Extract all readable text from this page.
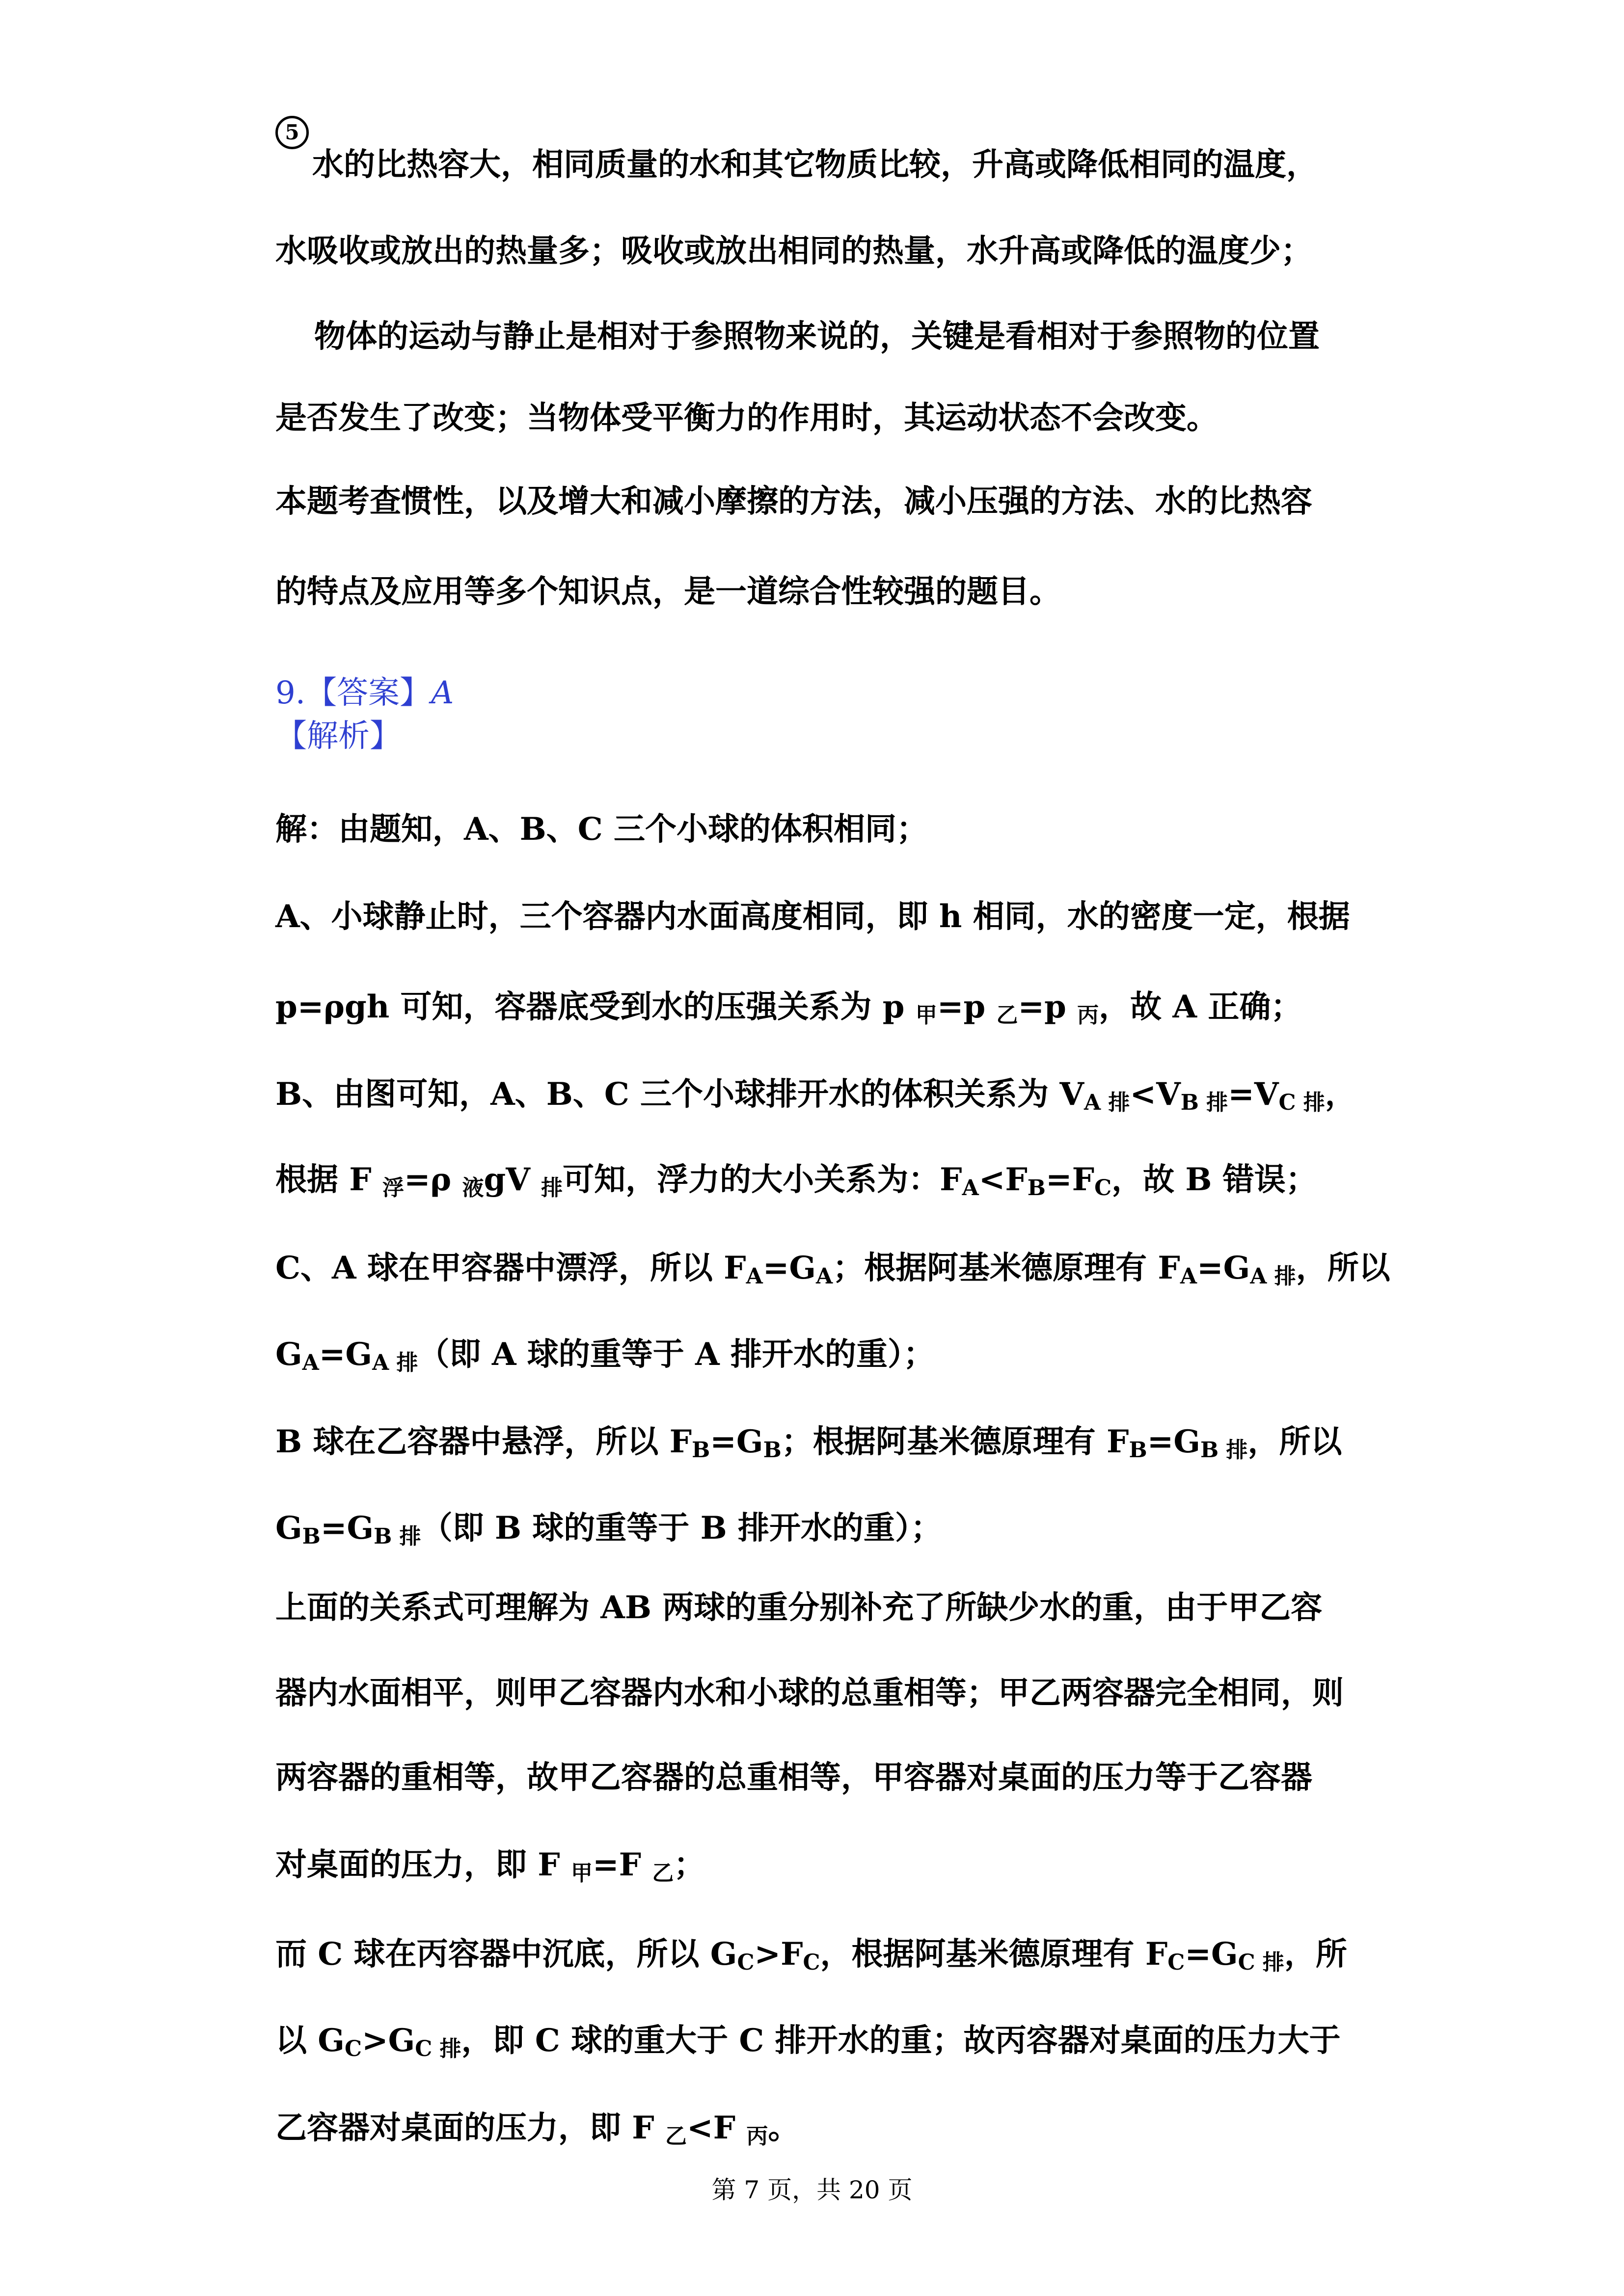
5
水的比热容大，相同质量的水和其它物质比较，升高或降低相同的温度，
水吸收或放出的热量多；吸收或放出相同的热量，水升高或降低的温度少；
物体的运动与静止是相对于参照物来说的，关键是看相对于参照物的位置
是否发生了改变；当物体受平衡力的作用时，其运动状态不会改变。
本题考查惯性，以及增大和减小摩擦的方法，减小压强的方法、水的比热容
的特点及应用等多个知识点，是一道综合性较强的题目。
9.【答案】A
【解析】
解：由题知，A、B、C 三个小球的体积相同；
A、小球静止时，三个容器内水面高度相同，即 h 相同，水的密度一定，根据
p=ρgh 可知，容器底受到水的压强关系为 p $_甲$=p $_乙$=p $_丙$，故 A 正确；
B、由图可知，A、B、C 三个小球排开水的体积关系为 $V_{A 排}<V_{B 排}=V_{C 排}$，
根据 F $_浮$=ρ $_液$gV $_排$可知，浮力的大小关系为：$F_A<F_B=F_C$，故 B 错误；
C、A 球在甲容器中漂浮，所以 $F_A=G_A$；根据阿基米德原理有 $F_A=G_{A 排}$，所以
$G_A=G_{A 排}$（即 A 球的重等于 A 排开水的重）；
B 球在乙容器中悬浮，所以 $F_B=G_B$；根据阿基米德原理有 $F_B=G_{B 排}$，所以
$G_B=G_{B 排}$（即 B 球的重等于 B 排开水的重）；
上面的关系式可理解为 AB 两球的重分别补充了所缺少水的重，由于甲乙容
器内水面相平，则甲乙容器内水和小球的总重相等；甲乙两容器完全相同，则
两容器的重相等，故甲乙容器的总重相等，甲容器对桌面的压力等于乙容器
对桌面的压力，即 F $_甲$=F $_乙$；
而 C 球在丙容器中沉底，所以 $G_C>F_C$，根据阿基米德原理有 $F_C=G_{C 排}$，所
以 $G_C>G_{C 排}$，即 C 球的重大于 C 排开水的重；故丙容器对桌面的压力大于
乙容器对桌面的压力，即 F $_乙$<F $_丙$。
第 7 页，共 20 页
